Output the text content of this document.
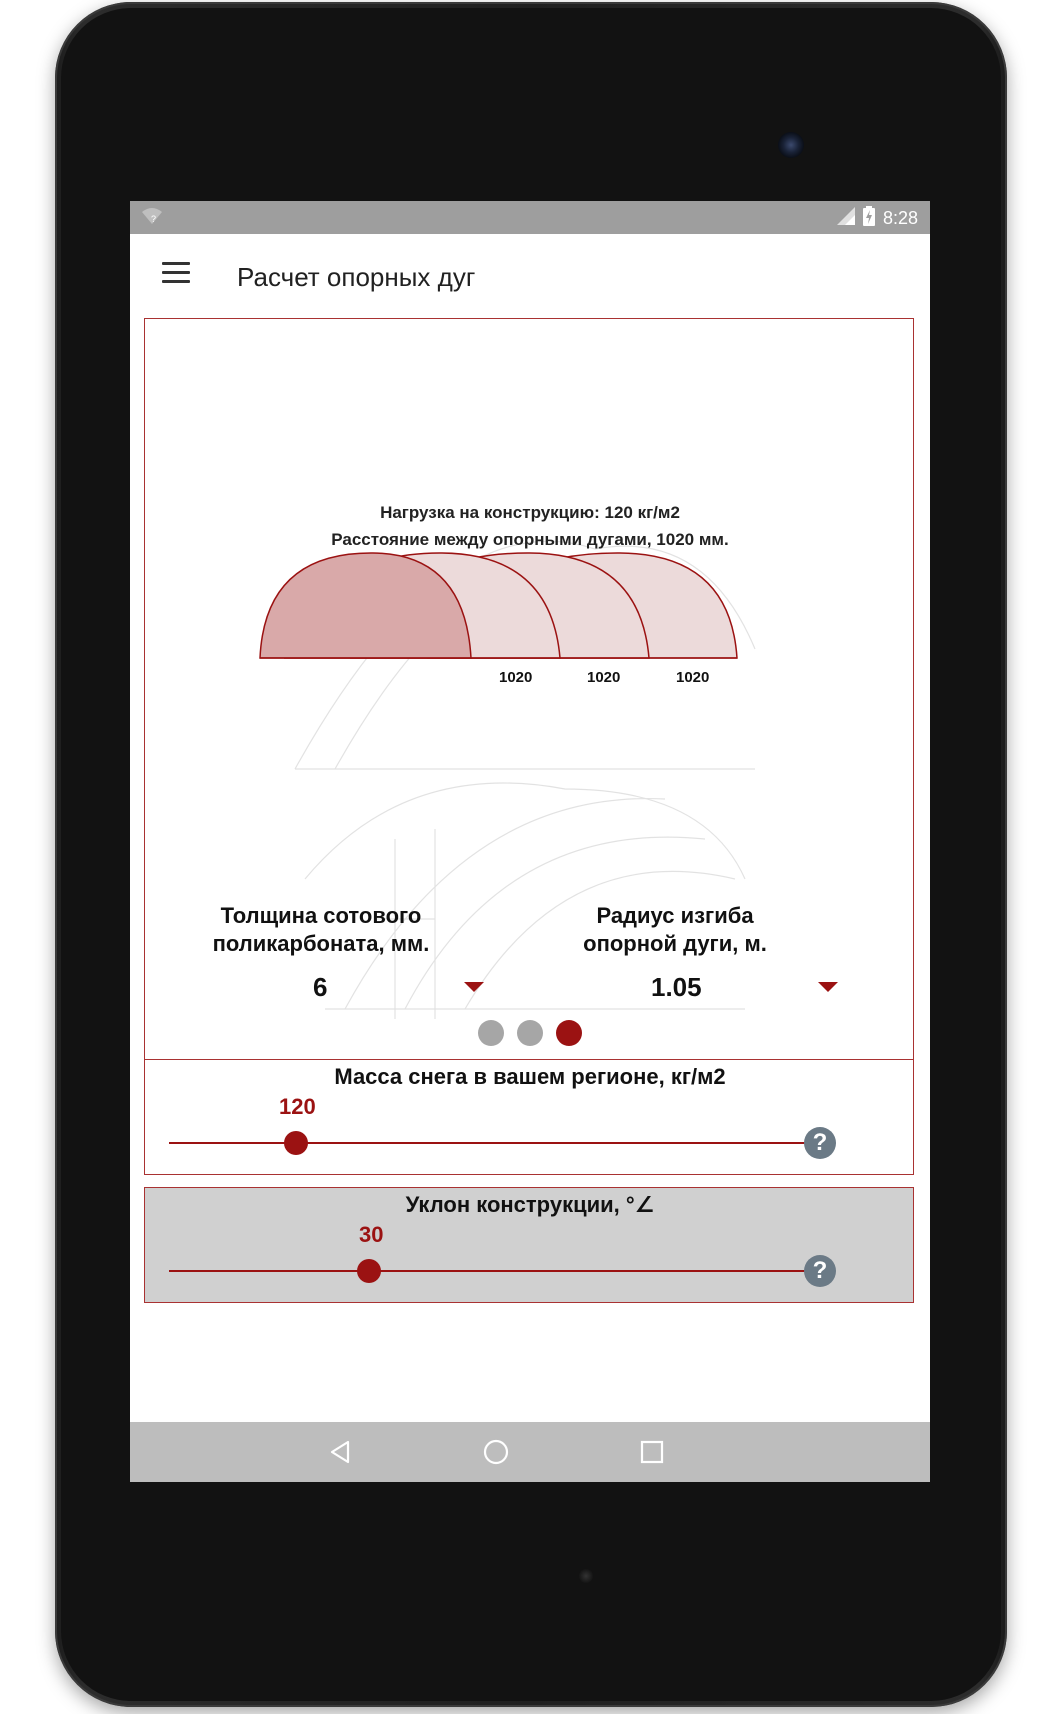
?	8:28
Расчет опорных дуг
Нагрузка на конструкцию: 120 кг/м2
Расстояние между опорными дугами, 1020 мм.
1020	1020	1020
Толщина сотового
поликарбоната, мм.
6
Радиус изгиба
опорной дуги, м.
1.05
Масса снега в вашем регионе, кг/м2
120
?
Уклон конструкции, °∠
30
?
